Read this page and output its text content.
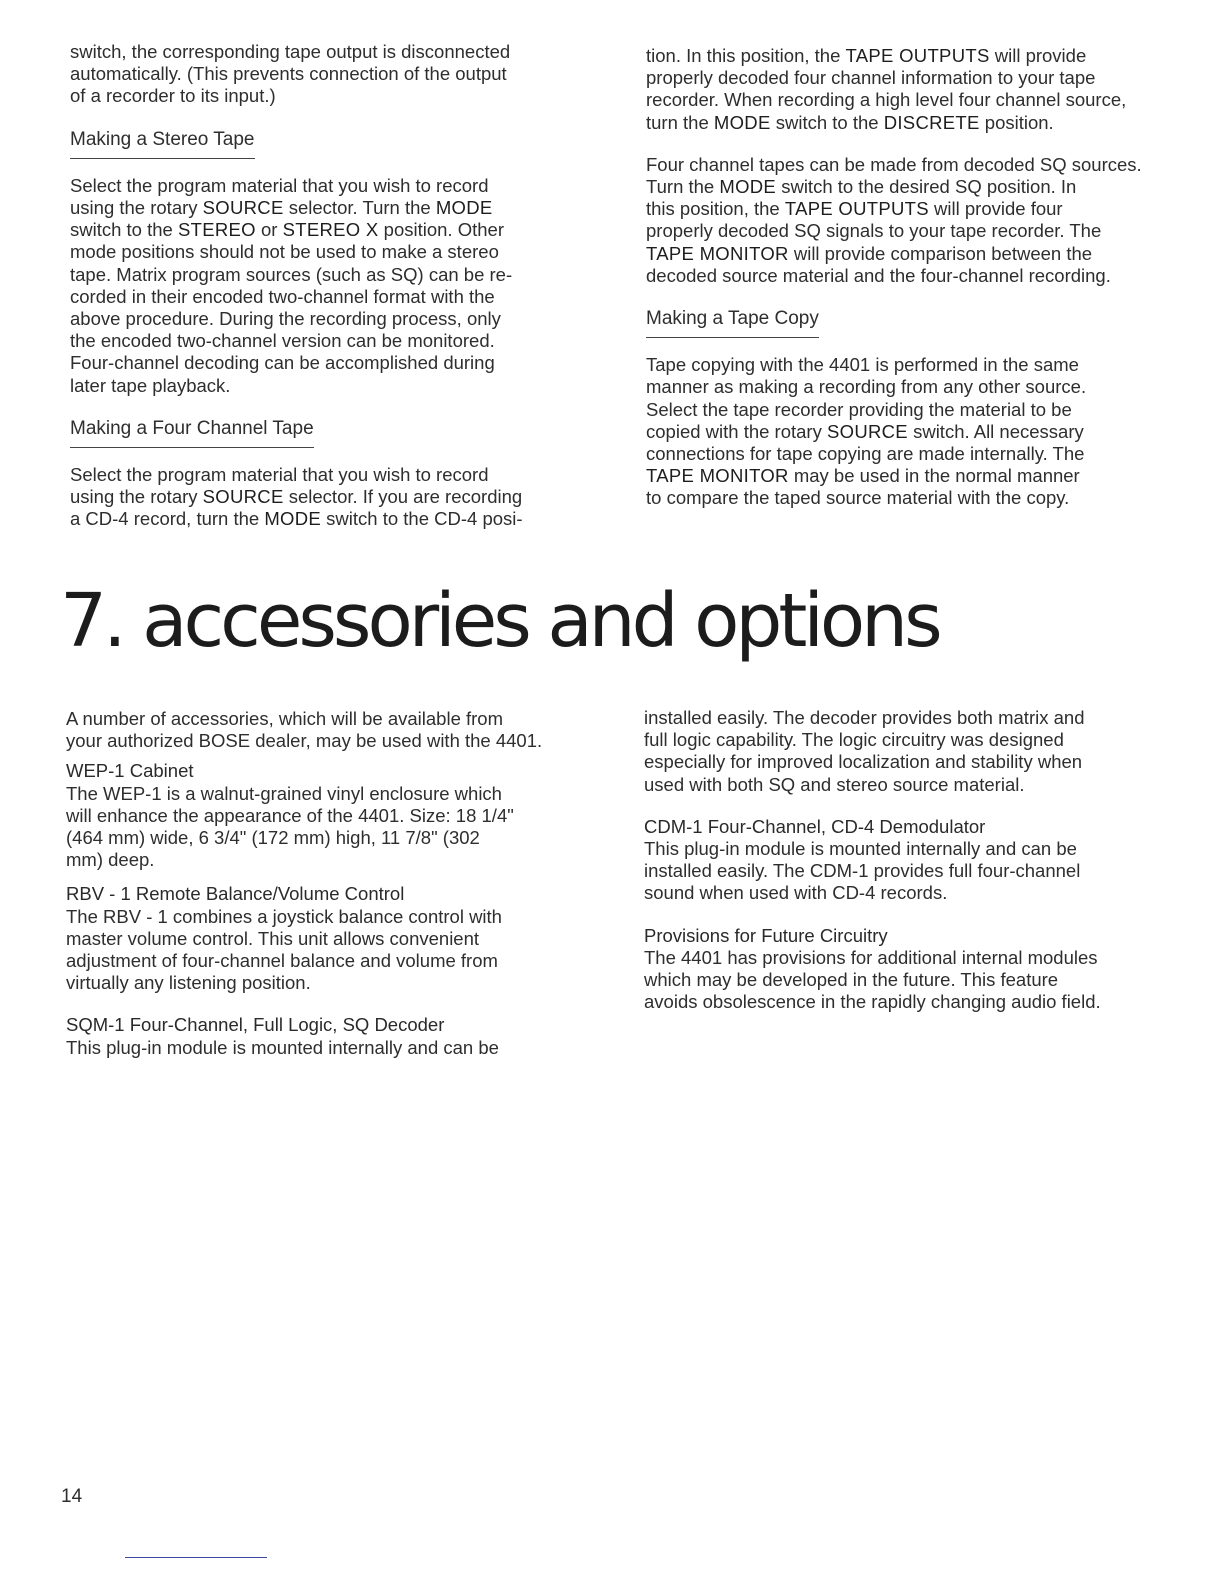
switch, the corresponding tape output is disconnected
automatically. (This prevents connection of the output
of a recorder to its input.)

Making a Stereo Tape

Select the program material that you wish to record
using the rotary SOURCE selector. Turn the MODE
switch to the STEREO or STEREO X position. Other
mode positions should not be used to make a stereo
tape. Matrix program sources (such as SQ) can be re-
corded in their encoded two-channel format with the
above procedure. During the recording process, only
the encoded two-channel version can be monitored.
Four-channel decoding can be accomplished during
later tape playback.

Making a Four Channel Tape

Select the program material that you wish to record
using the rotary SOURCE selector. If you are recording
a CD-4 record, turn the MODE switch to the CD-4 posi-

tion. In this position, the TAPE OUTPUTS will provide
properly decoded four channel information to your tape
recorder. When recording a high level four channel source,
turn the MODE switch to the DISCRETE position.

Four channel tapes can be made from decoded SQ sources.
Turn the MODE switch to the desired SQ position. In
this position, the TAPE OUTPUTS will provide four
properly decoded SQ signals to your tape recorder. The
TAPE MONITOR will provide comparison between the
decoded source material and the four-channel recording.

Making a Tape Copy

Tape copying with the 4401 is performed in the same
manner as making a recording from any other source.
Select the tape recorder providing the material to be
copied with the rotary SOURCE switch. All necessary
connections for tape copying are made internally. The
TAPE MONITOR may be used in the normal manner
to compare the taped source material with the copy.

7. accessories and options

A number of accessories, which will be available from
your authorized BOSE dealer, may be used with the 4401.

WEP-1 Cabinet

The WEP-1 is a walnut-grained vinyl enclosure which
will enhance the appearance of the 4401. Size: 18 1/4"
(464 mm) wide, 6 3/4" (172 mm) high, 11 7/8" (302
mm) deep.

RBV - 1 Remote Balance/Volume Control

The RBV - 1 combines a joystick balance control with
master volume control. This unit allows convenient
adjustment of four-channel balance and volume from
virtually any listening position.

SQM-1 Four-Channel, Full Logic, SQ Decoder

This plug-in module is mounted internally and can be

installed easily. The decoder provides both matrix and
full logic capability. The logic circuitry was designed
especially for improved localization and stability when
used with both SQ and stereo source material.

CDM-1 Four-Channel, CD-4 Demodulator

This plug-in module is mounted internally and can be
installed easily. The CDM-1 provides full four-channel
sound when used with CD-4 records.

Provisions for Future Circuitry

The 4401 has provisions for additional internal modules
which may be developed in the future. This feature
avoids obsolescence in the rapidly changing audio field.

14
